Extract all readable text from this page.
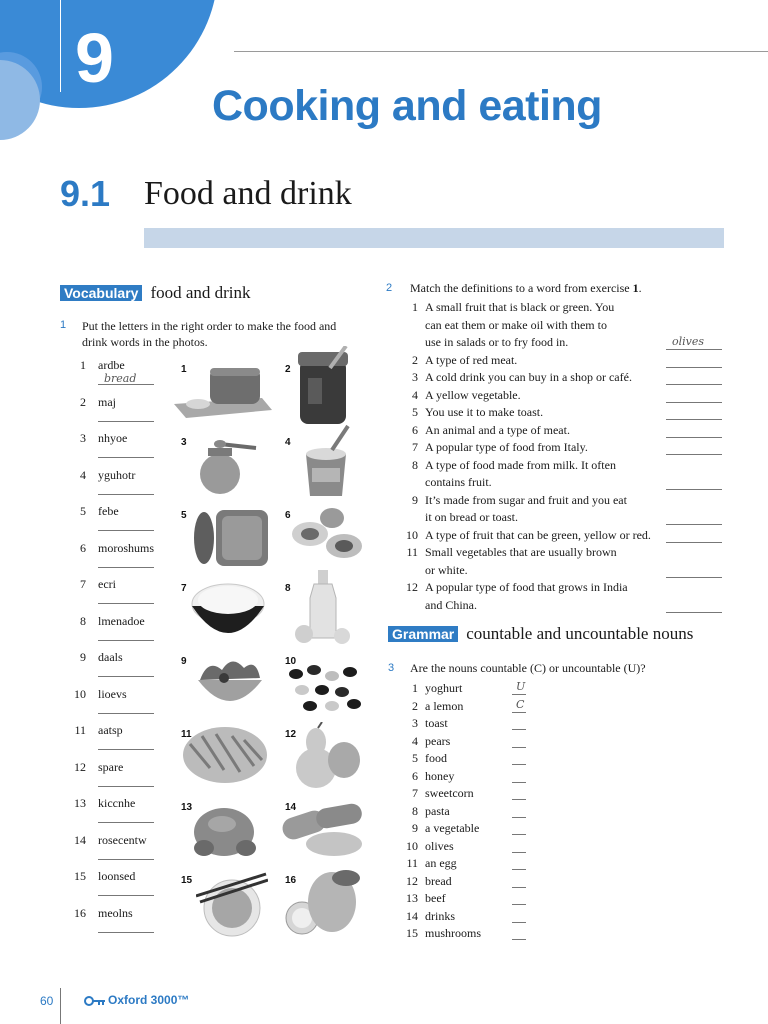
9
Cooking and eating
9.1 Food and drink
Vocabulary food and drink
1 Put the letters in the right order to make the food and
drink words in the photos.
1 ardbe
bread
2 maj
3 nhyoe
4 yguhotr
5 febe
6 moroshums
7 ecri
8 lmenadoe
9 daals
10 lioevs
11 aatsp
12 spare
13 kiccnhe
14 rosecentw
15 loonsed
16 meolns
1	2
3	4
5	6
7	8
9	10
11	12
13	14
15	16
2 Match the definitions to a word from exercise 1.
1 A small fruit that is black or green. You
can eat them or make oil with them to
use in salads or to fry food in.	olives
2 A type of red meat.
3 A cold drink you can buy in a shop or café.
4 A yellow vegetable.
5 You use it to make toast.
6 An animal and a type of meat.
7 A popular type of food from Italy.
8 A type of food made from milk. It often
contains fruit.
9 It’s made from sugar and fruit and you eat
it on bread or toast.
10 A type of fruit that can be green, yellow or red.
11 Small vegetables that are usually brown
or white.
12 A popular type of food that grows in India
and China.
Grammar countable and uncountable nouns
3 Are the nouns countable (C) or uncountable (U)?
1 yoghurt	U
2 a lemon	C
3 toast
4 pears
5 food
6 honey
7 sweetcorn
8 pasta
9 a vegetable
10 olives
11 an egg
12 bread
13 beef
14 drinks
15 mushrooms
60	Oxford 3000™
